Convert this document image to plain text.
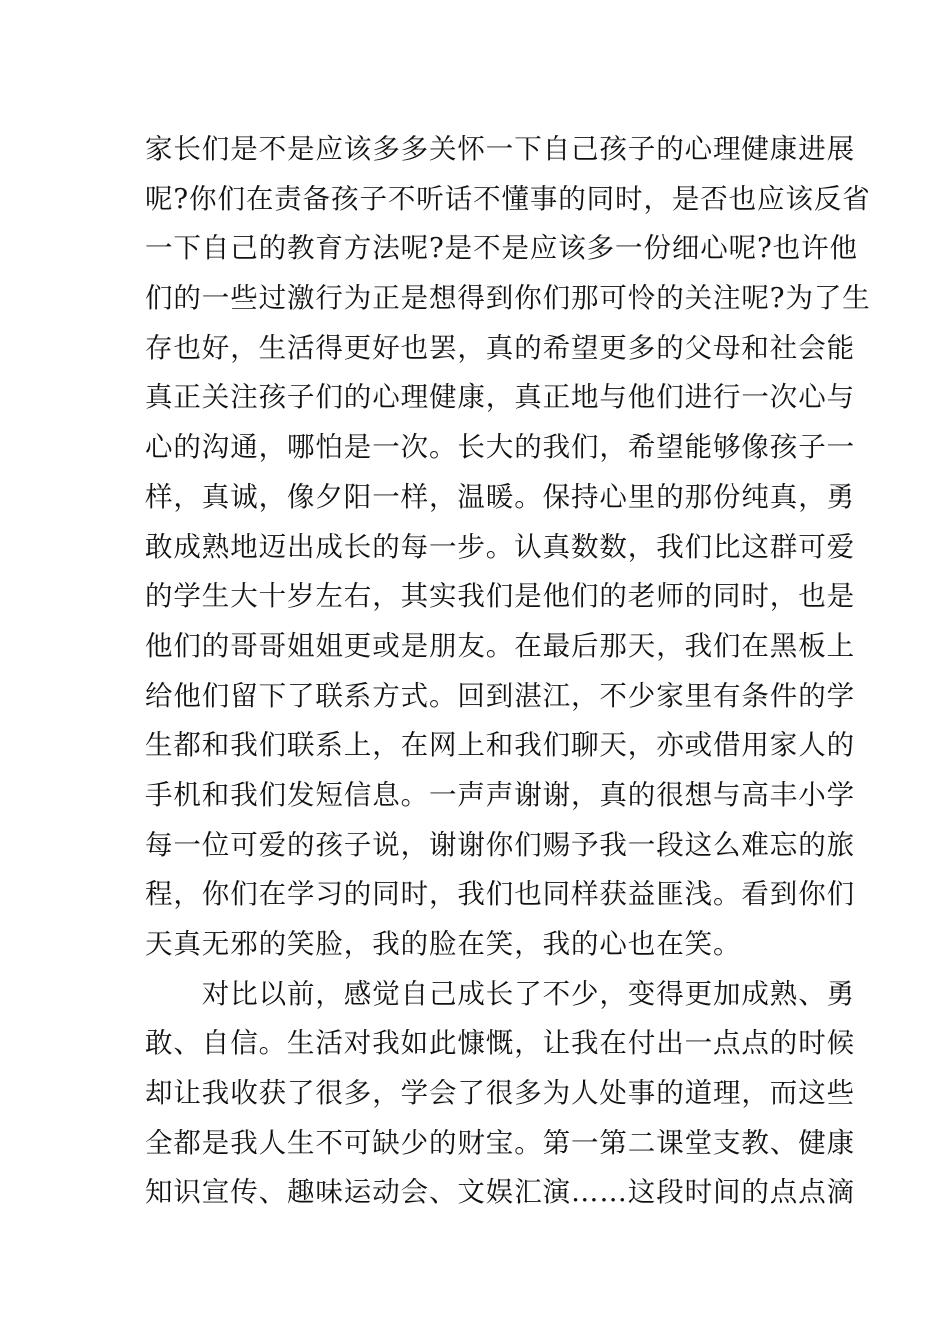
家长们是不是应该多多关怀一下自己孩子的心理健康进展
呢?你们在责备孩子不听话不懂事的同时，是否也应该反省
一下自己的教育方法呢?是不是应该多一份细心呢?也许他
们的一些过激行为正是想得到你们那可怜的关注呢?为了生
存也好，生活得更好也罢，真的希望更多的父母和社会能
真正关注孩子们的心理健康，真正地与他们进行一次心与
心的沟通，哪怕是一次。长大的我们，希望能够像孩子一
样，真诚，像夕阳一样，温暖。保持心里的那份纯真，勇
敢成熟地迈出成长的每一步。认真数数，我们比这群可爱
的学生大十岁左右，其实我们是他们的老师的同时，也是
他们的哥哥姐姐更或是朋友。在最后那天，我们在黑板上
给他们留下了联系方式。回到湛江，不少家里有条件的学
生都和我们联系上，在网上和我们聊天，亦或借用家人的
手机和我们发短信息。一声声谢谢，真的很想与高丰小学
每一位可爱的孩子说，谢谢你们赐予我一段这么难忘的旅
程，你们在学习的同时，我们也同样获益匪浅。看到你们
天真无邪的笑脸，我的脸在笑，我的心也在笑。
　　对比以前，感觉自己成长了不少，变得更加成熟、勇
敢、自信。生活对我如此慷慨，让我在付出一点点的时候
却让我收获了很多，学会了很多为人处事的道理，而这些
全都是我人生不可缺少的财宝。第一第二课堂支教、健康
知识宣传、趣味运动会、文娱汇演……这段时间的点点滴
